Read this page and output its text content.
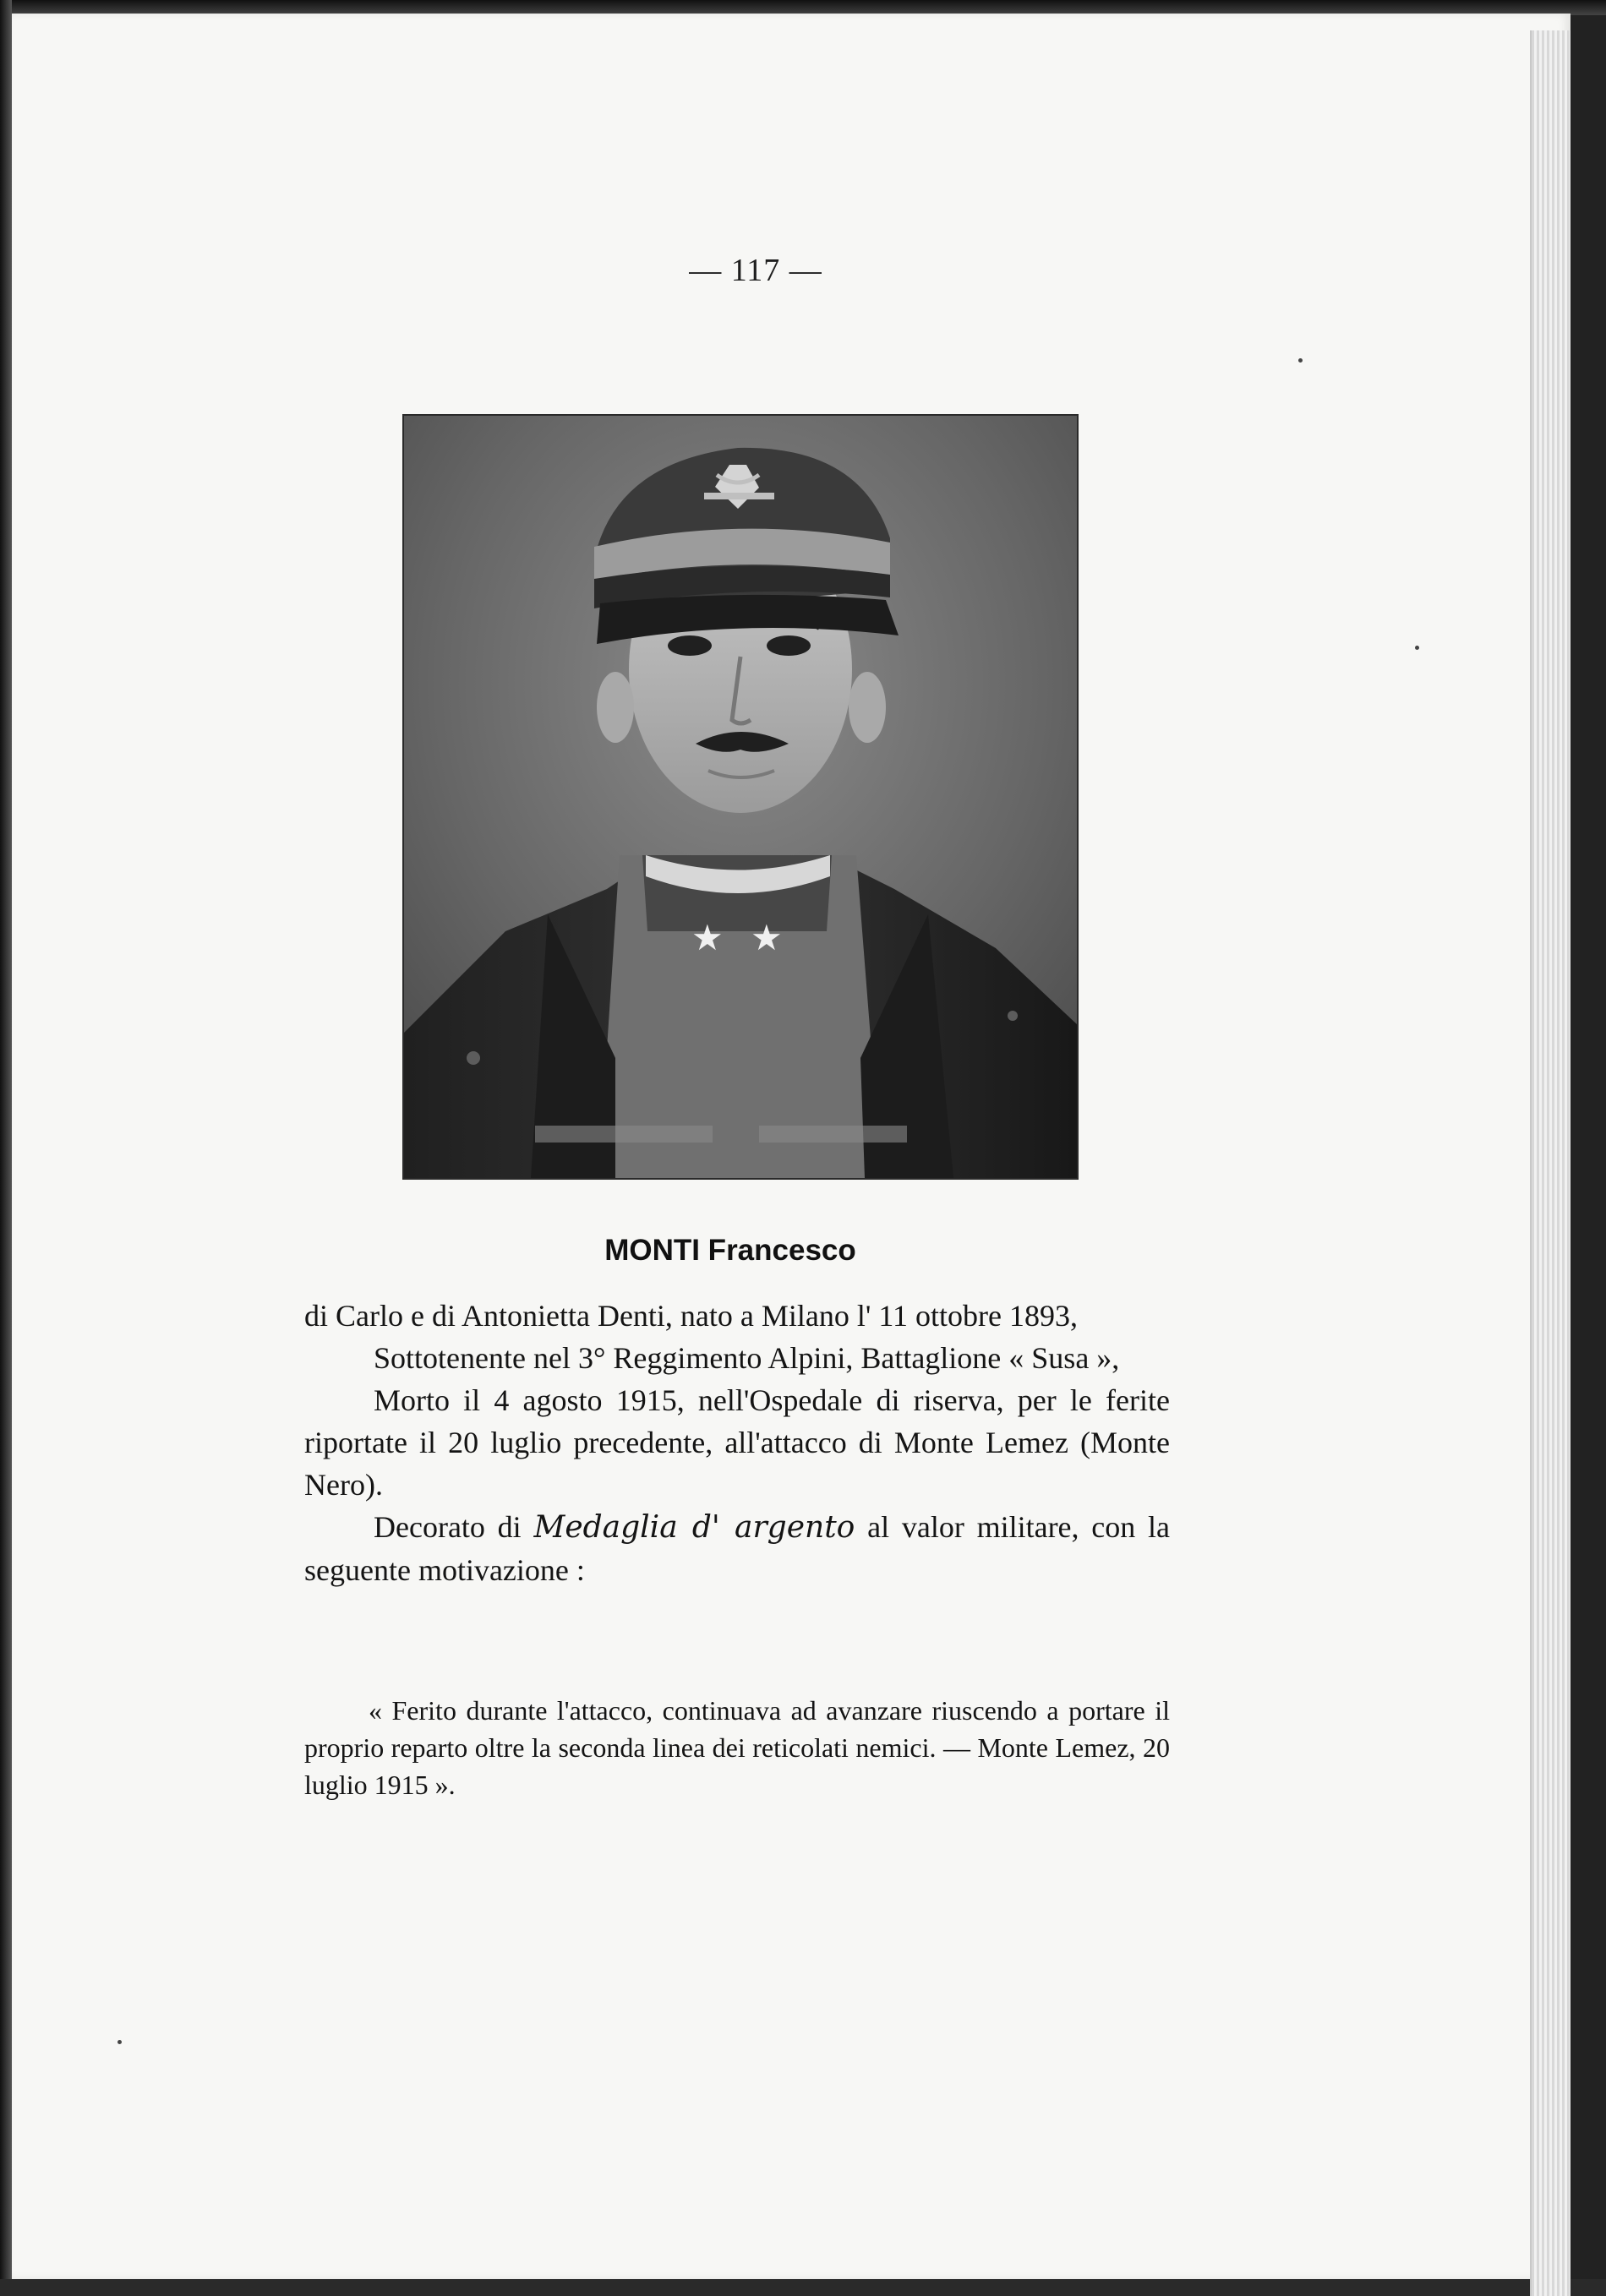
— 117 —
★ ★
MONTI Francesco

di Carlo e di Antonietta Denti, nato a Milano l' 11 ottobre 1893,

Sottotenente nel 3° Reggimento Alpini, Battaglione « Susa »,

Morto il 4 agosto 1915, nell'Ospedale di riserva, per le ferite riportate il 20 luglio precedente, all'attacco di Monte Lemez (Monte Nero).

Decorato di Medaglia d' argento al valor militare, con la seguente motivazione :

« Ferito durante l'attacco, continuava ad avanzare riuscendo a portare il proprio reparto oltre la seconda linea dei reticolati nemici. — Monte Lemez, 20 luglio 1915 ».
